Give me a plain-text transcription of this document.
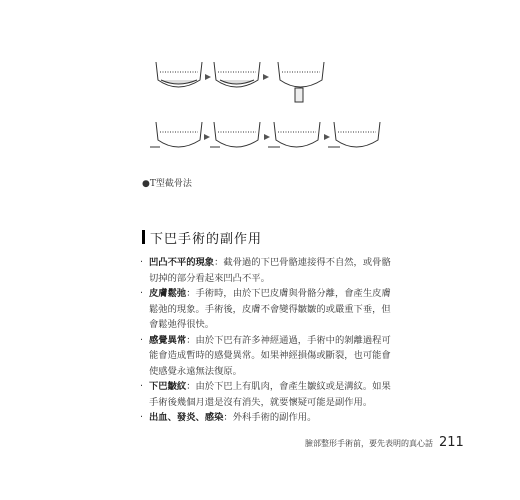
●T型截骨法
下巴手術的副作用
· 凹凸不平的現象：截骨過的下巴骨骼連接得不自然，或骨骼切掉的部分看起來凹凸不平。
· 皮膚鬆弛：手術時，由於下巴皮膚與骨骼分離，會產生皮膚鬆弛的現象。手術後，皮膚不會變得皺皺的或嚴重下垂，但會鬆弛得很快。
· 感覺異常：由於下巴有許多神經通過，手術中的剝離過程可能會造成暫時的感覺異常。如果神經損傷或斷裂，也可能會使感覺永遠無法復原。
· 下巴皺紋：由於下巴上有肌肉，會產生皺紋或是溝紋。如果手術後幾個月還是沒有消失，就要懷疑可能是副作用。
· 出血、發炎、感染：外科手術的副作用。
臉部整形手術前，要先表明的真心話 211
